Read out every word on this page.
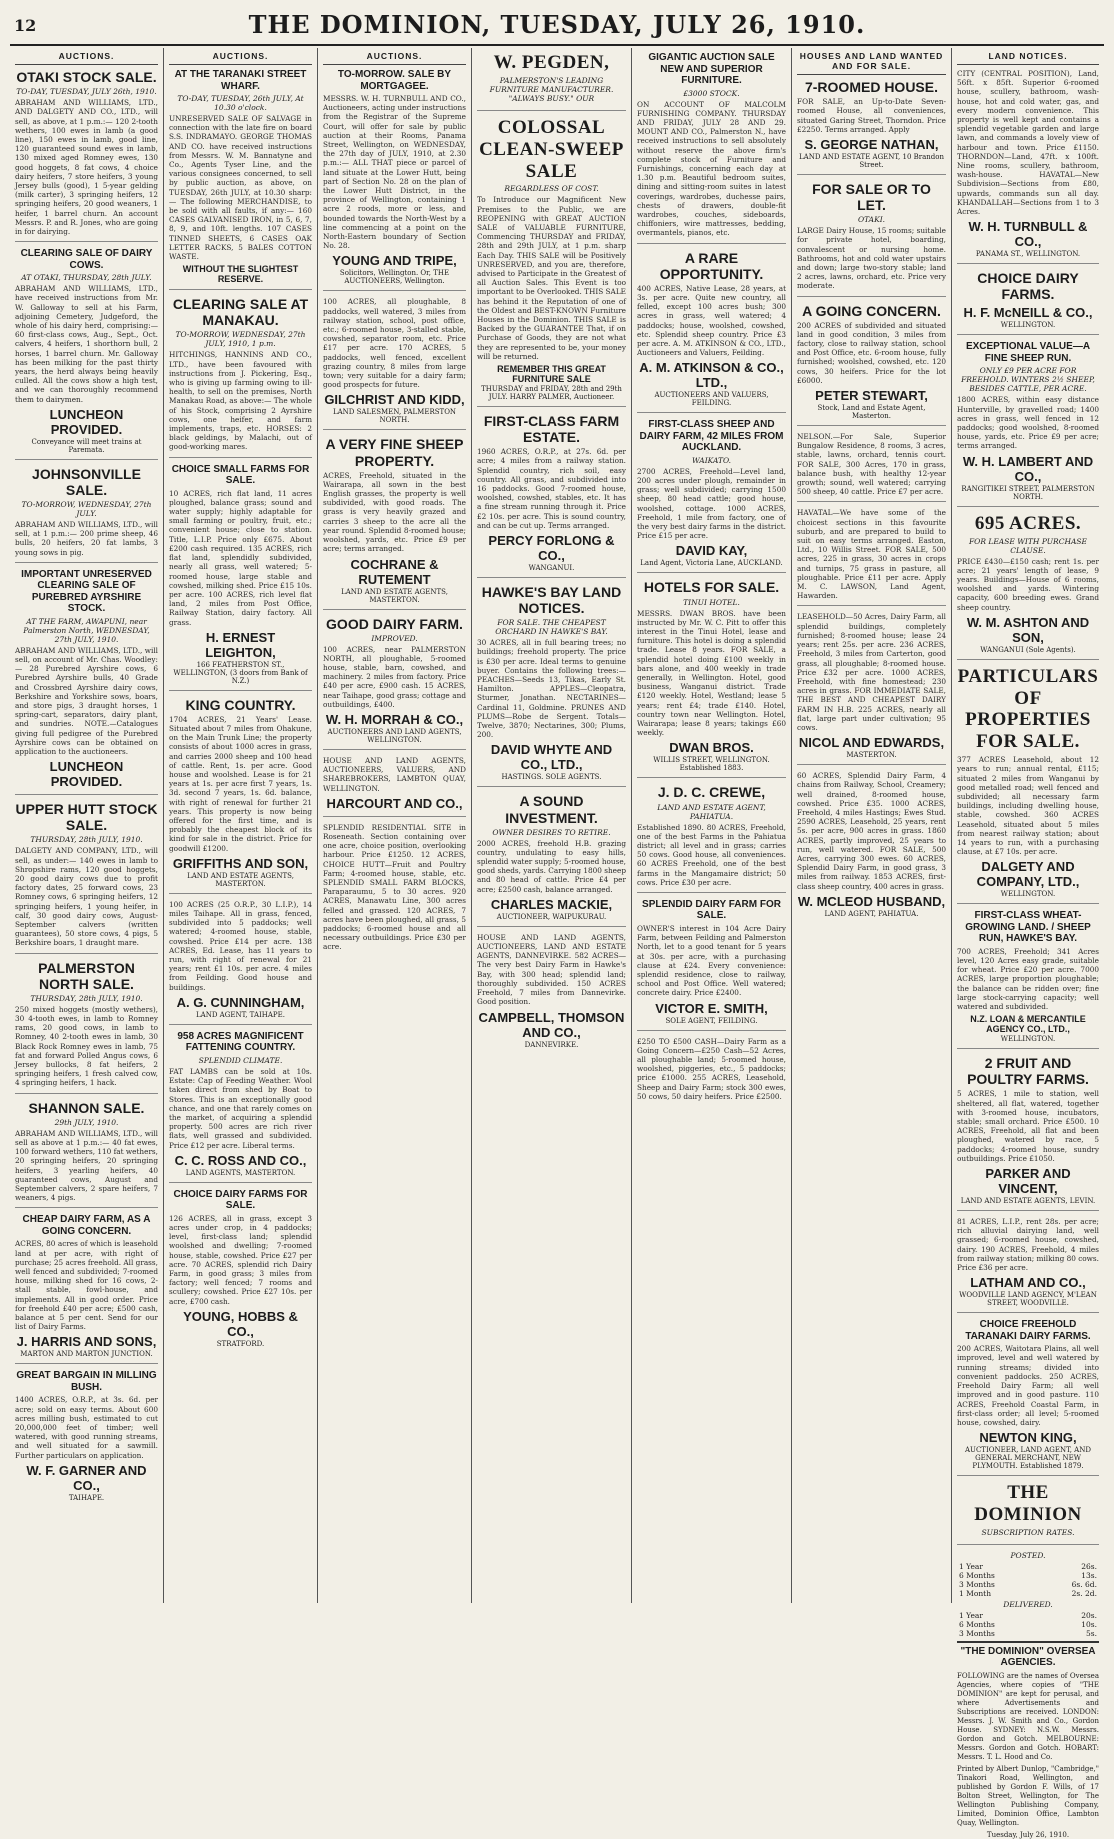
12	THE DOMINION, TUESDAY, JULY 26, 1910.
AUCTIONS.
OTAKI STOCK SALE.
TO-DAY, TUESDAY, JULY 26th, 1910.

ABRAHAM AND WILLIAMS, LTD., AND DALGETY AND CO., LTD., will sell, as above, at 1 p.m.:— 120 2-tooth wethers, 100 ewes in lamb (a good line), 150 ewes in lamb, good line, 120 guaranteed sound ewes in lamb, 130 mixed aged Romney ewes, 130 good hoggets, 8 fat cows, 4 choice dairy heifers, 7 store heifers, 3 young Jersey bulls (good), 1 5-year gelding (milk carter), 3 springing heifers, 12 springing heifers, 20 good weaners, 1 heifer, 1 barrel churn. An account Messrs. P. and R. Jones, who are going in for dairying.

CLEARING SALE OF DAIRY COWS.
AT OTAKI, THURSDAY, 28th JULY.

ABRAHAM AND WILLIAMS, LTD., have received instructions from Mr. W. Galloway to sell at his Farm, adjoining Cemetery, Judgeford, the whole of his dairy herd, comprising:— 60 first-class cows, Aug., Sept., Oct. calvers, 4 heifers, 1 shorthorn bull, 2 horses, 1 barrel churn. Mr. Galloway has been milking for the past thirty years, the herd always being heavily culled. All the cows show a high test, and we can thoroughly recommend them to dairymen.

LUNCHEON PROVIDED.
Conveyance will meet trains at Paremata.
JOHNSONVILLE SALE.
TO-MORROW, WEDNESDAY, 27th JULY.

ABRAHAM AND WILLIAMS, LTD., will sell, at 1 p.m.:— 200 prime sheep, 46 bulls, 20 heifers, 20 fat lambs, 3 young sows in pig.

IMPORTANT UNRESERVED CLEARING SALE OF PUREBRED AYRSHIRE STOCK.
AT THE FARM, AWAPUNI, near Palmerston North, WEDNESDAY, 27th JULY, 1910.

ABRAHAM AND WILLIAMS, LTD., will sell, on account of Mr. Chas. Woodley:— 28 Purebred Ayrshire cows, 6 Purebred Ayrshire bulls, 40 Grade and Crossbred Ayrshire dairy cows, Berkshire and Yorkshire sows, boars, and store pigs, 3 draught horses, 1 spring-cart, separators, dairy plant, and sundries. NOTE.—Catalogues giving full pedigree of the Purebred Ayrshire cows can be obtained on application to the auctioneers.

LUNCHEON PROVIDED.
UPPER HUTT STOCK SALE.
THURSDAY, 28th JULY, 1910.

DALGETY AND COMPANY, LTD., will sell, as under:— 140 ewes in lamb to Shropshire rams, 120 good hoggets, 20 good dairy cows due to profit factory dates, 25 forward cows, 23 Romney cows, 6 springing heifers, 12 springing heifers, 1 young heifer, in calf, 30 good dairy cows, August-September calvers (written guarantees), 50 store cows, 4 pigs, 5 Berkshire boars, 1 draught mare.

PALMERSTON NORTH SALE.
THURSDAY, 28th JULY, 1910.

250 mixed hoggets (mostly wethers), 30 4-tooth ewes, in lamb to Romney rams, 20 good cows, in lamb to Romney, 40 2-tooth ewes in lamb, 30 Black Rock Romney ewes in lamb, 75 fat and forward Polled Angus cows, 6 Jersey bullocks, 8 fat heifers, 2 springing heifers, 1 fresh calved cow, 4 springing heifers, 1 hack.

SHANNON SALE.
29th JULY, 1910.

ABRAHAM AND WILLIAMS, LTD., will sell as above at 1 p.m.:— 40 fat ewes, 100 forward wethers, 110 fat wethers, 20 springing heifers, 20 springing heifers, 3 yearling heifers, 40 guaranteed cows, August and September calvers, 2 spare heifers, 7 weaners, 4 pigs.

CHEAP DAIRY FARM, AS A GOING CONCERN.

ACRES, 80 acres of which is leasehold land at per acre, with right of purchase; 25 acres freehold. All grass, well fenced and subdivided; 7-roomed house, milking shed for 16 cows, 2-stall stable, fowl-house, and implements. All in good order. Price for freehold £40 per acre; £500 cash, balance at 5 per cent. Send for our list of Dairy Farms.

J. HARRIS AND SONS,
MARTON AND MARTON JUNCTION.
GREAT BARGAIN IN MILLING BUSH.

1400 ACRES, O.R.P., at 3s. 6d. per acre; sold on easy terms. About 600 acres milling bush, estimated to cut 20,000,000 feet of timber; well watered, with good running streams, and well situated for a sawmill. Further particulars on application.

W. F. GARNER AND CO.,
TAIHAPE.
AUCTIONS.
AT THE TARANAKI STREET WHARF.
TO-DAY, TUESDAY, 26th JULY, At 10.30 o'clock.

UNRESERVED SALE OF SALVAGE in connection with the late fire on board S.S. INDRAMAYO. GEORGE THOMAS AND CO. have received instructions from Messrs. W. M. Bannatyne and Co., Agents Tyser Line, and the various consignees concerned, to sell by public auction, as above, on TUESDAY, 26th JULY, at 10.30 sharp:— The following MERCHANDISE, to be sold with all faults, if any:— 160 CASES GALVANISED IRON, in 5, 6, 7, 8, 9, and 10ft. lengths. 107 CASES TINNED SHEETS, 6 CASES OAK LETTER RACKS, 5 BALES COTTON WASTE.

WITHOUT THE SLIGHTEST RESERVE.
CLEARING SALE AT MANAKAU.
TO-MORROW, WEDNESDAY, 27th JULY, 1910, 1 p.m.

HITCHINGS, HANNINS AND CO., LTD., have been favoured with instructions from J. Pickering, Esq., who is giving up farming owing to ill-health, to sell on the premises, North Manakau Road, as above:— The whole of his Stock, comprising 2 Ayrshire cows, one heifer, and farm implements, traps, etc. HORSES: 2 black geldings, by Malachi, out of good-working mares.

CHOICE SMALL FARMS FOR SALE.

10 ACRES, rich flat land, 11 acres ploughed, balance grass; sound and water supply; highly adaptable for small farming or poultry, fruit, etc.; convenient house; close to station. Title, L.I.P. Price only £675. About £200 cash required. 135 ACRES, rich flat land, splendidly subdivided, nearly all grass, well watered; 5-roomed house, large stable and cowshed, milking shed. Price £15 10s. per acre. 100 ACRES, rich level flat land, 2 miles from Post Office, Railway Station, dairy factory. All grass.

H. ERNEST LEIGHTON,
166 FEATHERSTON ST., WELLINGTON, (3 doors from Bank of N.Z.)
KING COUNTRY.

1704 ACRES, 21 Years' Lease. Situated about 7 miles from Ohakune, on the Main Trunk Line; the property consists of about 1000 acres in grass, and carries 2000 sheep and 100 head of cattle. Rent, 1s. per acre. Good house and woolshed. Lease is for 21 years at 1s. per acre first 7 years, 1s. 3d. second 7 years, 1s. 6d. balance, with right of renewal for further 21 years. This property is now being offered for the first time, and is probably the cheapest block of its kind for sale in the district. Price for goodwill £1200.

GRIFFITHS AND SON,
LAND AND ESTATE AGENTS, MASTERTON.

100 ACRES (25 O.R.P., 30 L.I.P.), 14 miles Taihape. All in grass, fenced, subdivided into 5 paddocks; well watered; 4-roomed house, stable, cowshed. Price £14 per acre. 138 ACRES, Ed. Lease, has 11 years to run, with right of renewal for 21 years; rent £1 10s. per acre. 4 miles from Feilding. Good house and buildings.

A. G. CUNNINGHAM,
LAND AGENT, TAIHAPE.
958 ACRES MAGNIFICENT FATTENING COUNTRY.
SPLENDID CLIMATE.

FAT LAMBS can be sold at 10s. Estate: Cap of Feeding Weather. Wool taken direct from shed by Boat to Stores. This is an exceptionally good chance, and one that rarely comes on the market, of acquiring a splendid property. 500 acres are rich river flats, well grassed and subdivided. Price £12 per acre. Liberal terms.

C. C. ROSS AND CO.,
LAND AGENTS, MASTERTON.
CHOICE DAIRY FARMS FOR SALE.

126 ACRES, all in grass, except 3 acres under crop, in 4 paddocks; level, first-class land; splendid woolshed and dwelling; 7-roomed house, stable, cowshed. Price £27 per acre. 70 ACRES, splendid rich Dairy Farm, in good grass; 3 miles from factory; well fenced; 7 rooms and scullery; cowshed. Price £27 10s. per acre, £700 cash.

YOUNG, HOBBS & CO.,
STRATFORD.
AUCTIONS.
TO-MORROW. SALE BY MORTGAGEE.

MESSRS. W. H. TURNBULL AND CO., Auctioneers, acting under instructions from the Registrar of the Supreme Court, will offer for sale by public auction at their Rooms, Panama Street, Wellington, on WEDNESDAY, the 27th day of JULY, 1910, at 2.30 p.m.:— ALL THAT piece or parcel of land situate at the Lower Hutt, being part of Section No. 28 on the plan of the Lower Hutt District, in the province of Wellington, containing 1 acre 2 roods, more or less, and bounded towards the North-West by a line commencing at a point on the North-Eastern boundary of Section No. 28.

YOUNG AND TRIPE,
Solicitors, Wellington. Or, THE AUCTIONEERS, Wellington.

100 ACRES, all ploughable, 8 paddocks, well watered, 3 miles from railway station, school, post office, etc.; 6-roomed house, 3-stalled stable, cowshed, separator room, etc. Price £17 per acre. 170 ACRES, 5 paddocks, well fenced, excellent grazing country, 8 miles from large town; very suitable for a dairy farm; good prospects for future.

GILCHRIST AND KIDD,
LAND SALESMEN, PALMERSTON NORTH.
A VERY FINE SHEEP PROPERTY.

ACRES, Freehold, situated in the Wairarapa, all sown in the best English grasses, the property is well subdivided, with good roads. The grass is very heavily grazed and carries 3 sheep to the acre all the year round. Splendid 8-roomed house; woolshed, yards, etc. Price £9 per acre; terms arranged.

COCHRANE & RUTEMENT
LAND AND ESTATE AGENTS, MASTERTON.
GOOD DAIRY FARM.
IMPROVED.

100 ACRES, near PALMERSTON NORTH, all ploughable, 5-roomed house, stable, barn, cowshed, and machinery. 2 miles from factory. Price £40 per acre, £900 cash. 15 ACRES, near Taihape, good grass; cottage and outbuildings, £400.

W. H. MORRAH & CO.,
AUCTIONEERS AND LAND AGENTS, WELLINGTON.

HOUSE AND LAND AGENTS, AUCTIONEERS, VALUERS, AND SHAREBROKERS, LAMBTON QUAY, WELLINGTON.

HARCOURT AND CO.,

SPLENDID RESIDENTIAL SITE in Roseneath. Section containing over one acre, choice position, overlooking harbour. Price £1250. 12 ACRES, CHOICE HUTT—Fruit and Poultry Farm; 4-roomed house, stable, etc. SPLENDID SMALL FARM BLOCKS, Paraparaumu, 5 to 30 acres. 920 ACRES, Manawatu Line, 300 acres felled and grassed. 120 ACRES, 7 acres have been ploughed, all grass, 5 paddocks; 6-roomed house and all necessary outbuildings. Price £30 per acre.

W. PEGDEN,
PALMERSTON'S LEADING FURNITURE MANUFACTURER. "ALWAYS BUSY." OUR
COLOSSAL CLEAN-SWEEP SALE
REGARDLESS OF COST.

To Introduce our Magnificent New Premises to the Public, we are REOPENING with GREAT AUCTION SALE of VALUABLE FURNITURE, Commencing THURSDAY and FRIDAY, 28th and 29th JULY, at 1 p.m. sharp Each Day. THIS SALE will be Positively UNRESERVED, and you are, therefore, advised to Participate in the Greatest of all Auction Sales. This Event is too important to be Overlooked. THIS SALE has behind it the Reputation of one of the Oldest and BEST-KNOWN Furniture Houses in the Dominion. THIS SALE is Backed by the GUARANTEE That, if on Purchase of Goods, they are not what they are represented to be, your money will be returned.

REMEMBER THIS GREAT FURNITURE SALE
THURSDAY and FRIDAY, 28th and 29th JULY. HARRY PALMER, Auctioneer.
FIRST-CLASS FARM ESTATE.

1960 ACRES, O.R.P., at 27s. 6d. per acre; 4 miles from a railway station. Splendid country, rich soil, easy country. All grass, and subdivided into 16 paddocks. Good 7-roomed house, woolshed, cowshed, stables, etc. It has a fine stream running through it. Price £2 10s. per acre. This is sound country, and can be cut up. Terms arranged.

PERCY FORLONG & CO.,
WANGANUI.
HAWKE'S BAY LAND NOTICES.
FOR SALE. THE CHEAPEST ORCHARD IN HAWKE'S BAY.

30 ACRES, all in full bearing trees; no buildings; freehold property. The price is £30 per acre. Ideal terms to genuine buyer. Contains the following trees:— PEACHES—Seeds 13, Tikas, Early St. Hamilton. APPLES—Cleopatra, Sturmer, Jonathan. NECTARINES—Cardinal 11, Goldmine. PRUNES AND PLUMS—Robe de Sergent. Totals—Twelve, 3870; Nectarines, 300; Plums, 200.

DAVID WHYTE AND CO., LTD.,
HASTINGS. SOLE AGENTS.
A SOUND INVESTMENT.
OWNER DESIRES TO RETIRE.

2000 ACRES, freehold H.B. grazing country, undulating to easy hills, splendid water supply; 5-roomed house, good sheds, yards. Carrying 1800 sheep and 80 head of cattle. Price £4 per acre; £2500 cash, balance arranged.

CHARLES MACKIE,
AUCTIONEER, WAIPUKURAU.

HOUSE AND LAND AGENTS, AUCTIONEERS, LAND AND ESTATE AGENTS, DANNEVIRKE. 582 ACRES—The very best Dairy Farm in Hawke's Bay, with 300 head; splendid land; thoroughly subdivided. 150 ACRES Freehold, 7 miles from Dannevirke. Good position.

CAMPBELL, THOMSON AND CO.,
DANNEVIRKE.
GIGANTIC AUCTION SALE NEW AND SUPERIOR FURNITURE.
£3000 STOCK.

ON ACCOUNT OF MALCOLM FURNISHING COMPANY. THURSDAY AND FRIDAY, JULY 28 AND 29. MOUNT AND CO., Palmerston N., have received instructions to sell absolutely without reserve the above firm's complete stock of Furniture and Furnishings, concerning each day at 1.30 p.m. Beautiful bedroom suites, dining and sitting-room suites in latest coverings, wardrobes, duchesse pairs, chests of drawers, double-fit wardrobes, couches, sideboards, chiffoniers, wire mattresses, bedding, overmantels, pianos, etc.

A RARE OPPORTUNITY.

400 ACRES, Native Lease, 28 years, at 3s. per acre. Quite new country, all felled, except 100 acres bush; 300 acres in grass, well watered; 4 paddocks; house, woolshed, cowshed, etc. Splendid sheep country. Price £3 per acre. A. M. ATKINSON & CO., LTD., Auctioneers and Valuers, Feilding.

A. M. ATKINSON & CO., LTD.,
AUCTIONEERS AND VALUERS, FEILDING.
FIRST-CLASS SHEEP AND DAIRY FARM, 42 MILES FROM AUCKLAND.
WAIKATO.

2700 ACRES, Freehold—Level land, 200 acres under plough, remainder in grass; well subdivided; carrying 1500 sheep, 80 head cattle; good house, woolshed, cottage. 1000 ACRES, Freehold, 1 mile from factory, one of the very best dairy farms in the district. Price £15 per acre.

DAVID KAY,
Land Agent, Victoria Lane, AUCKLAND.
HOTELS FOR SALE.
TINUI HOTEL.

MESSRS. DWAN BROS. have been instructed by Mr. W. C. Pitt to offer this interest in the Tinui Hotel, lease and furniture. This hotel is doing a splendid trade. Lease 8 years. FOR SALE, a splendid hotel doing £100 weekly in bars alone, and 400 weekly in trade generally, in Wellington. Hotel, good business, Wanganui district. Trade £120 weekly. Hotel, Westland; lease 5 years; rent £4; trade £140. Hotel, country town near Wellington. Hotel, Wairarapa; lease 8 years; takings £60 weekly.

DWAN BROS.
WILLIS STREET, WELLINGTON. Established 1883.
J. D. C. CREWE,
LAND AND ESTATE AGENT, PAHIATUA.

Established 1890. 80 ACRES, Freehold, one of the best Farms in the Pahiatua district; all level and in grass; carries 50 cows. Good house, all conveniences. 60 ACRES Freehold, one of the best farms in the Mangamaire district; 50 cows. Price £30 per acre.

SPLENDID DAIRY FARM FOR SALE.

OWNER'S interest in 104 Acre Dairy Farm, between Feilding and Palmerston North, let to a good tenant for 5 years at 30s. per acre, with a purchasing clause at £24. Every convenience: splendid residence, close to railway, school and Post Office. Well watered; concrete dairy. Price £2400.

VICTOR E. SMITH,
SOLE AGENT, FEILDING.

£250 TO £500 CASH—Dairy Farm as a Going Concern—£250 Cash—52 Acres, all ploughable land; 5-roomed house, woolshed, piggeries, etc., 5 paddocks; price £1000. 255 ACRES, Leasehold, Sheep and Dairy Farm; stock 300 ewes, 50 cows, 50 dairy heifers. Price £2500.

HOUSES AND LAND WANTED AND FOR SALE.
7-ROOMED HOUSE.

FOR SALE, an Up-to-Date Seven-roomed House, all conveniences, situated Garing Street, Thorndon. Price £2250. Terms arranged. Apply

S. GEORGE NATHAN,
LAND AND ESTATE AGENT, 10 Brandon Street.
FOR SALE OR TO LET.
OTAKI.

LARGE Dairy House, 15 rooms; suitable for private hotel, boarding, convalescent or nursing home. Bathrooms, hot and cold water upstairs and down; large two-story stable; land 2 acres, lawns, orchard, etc. Price very moderate.

A GOING CONCERN.

200 ACRES of subdivided and situated land in good condition, 3 miles from factory, close to railway station, school and Post Office, etc. 6-room house, fully furnished; woolshed, cowshed, etc. 120 cows, 30 heifers. Price for the lot £6000.

PETER STEWART,
Stock, Land and Estate Agent, Masterton.

NELSON.—For Sale, Superior Bungalow Residence, 8 rooms, 3 acres, stable, lawns, orchard, tennis court. FOR SALE, 300 Acres, 170 in grass, balance bush, with healthy 12-year growth; sound, well watered; carrying 500 sheep, 40 cattle. Price £7 per acre.

HAVATAL—We have some of the choicest sections in this favourite suburb, and are prepared to build to suit on easy terms arranged. Easton, Ltd., 10 Willis Street. FOR SALE, 500 acres, 225 in grass, 30 acres in crops and turnips, 75 grass in pasture, all ploughable. Price £11 per acre. Apply M. C. LAWSON, Land Agent, Hawarden.

LEASEHOLD—50 Acres, Dairy Farm, all splendid buildings, completely furnished; 8-roomed house; lease 24 years; rent 25s. per acre. 236 ACRES, Freehold, 3 miles from Carterton, good grass, all ploughable; 8-roomed house. Price £32 per acre. 1000 ACRES, Freehold, with fine homestead; 230 acres in grass. FOR IMMEDIATE SALE, THE BEST AND CHEAPEST DAIRY FARM IN H.B. 225 ACRES, nearly all flat, large part under cultivation; 95 cows.

NICOL AND EDWARDS,
MASTERTON.

60 ACRES, Splendid Dairy Farm, 4 chains from Railway, School, Creamery; well drained, 8-roomed house, cowshed. Price £35. 1000 ACRES, Freehold, 4 miles Hastings; Ewes Stud. 2590 ACRES, Leasehold, 25 years, rent 5s. per acre, 900 acres in grass. 1860 ACRES, partly improved, 25 years to run, well watered. FOR SALE, 500 Acres, carrying 300 ewes. 60 ACRES, Splendid Dairy Farm, in good grass, 3 miles from railway. 1853 ACRES, first-class sheep country, 400 acres in grass.

W. MCLEOD HUSBAND,
LAND AGENT, PAHIATUA.
LAND NOTICES.

CITY (CENTRAL POSITION), Land, 56ft. x 85ft. Superior 6-roomed house, scullery, bathroom, wash-house, hot and cold water, gas, and every modern convenience. This property is well kept and contains a splendid vegetable garden and large lawn, and commands a lovely view of harbour and town. Price £1150. THORNDON—Land, 47ft. x 100ft. Nine rooms, scullery, bathroom, wash-house. HAVATAL—New Subdivision—Sections from £80, upwards, commands sun all day. KHANDALLAH—Sections from 1 to 3 Acres.

W. H. TURNBULL & CO.,
PANAMA ST., WELLINGTON.
CHOICE DAIRY FARMS.
H. F. McNEILL & CO.,
WELLINGTON.
EXCEPTIONAL VALUE—A FINE SHEEP RUN.
ONLY £9 PER ACRE FOR FREEHOLD. WINTERS 2½ SHEEP, BESIDES CATTLE, PER ACRE.

1800 ACRES, within easy distance Hunterville, by gravelled road; 1400 acres in grass, well fenced in 12 paddocks; good woolshed, 8-roomed house, yards, etc. Price £9 per acre; terms arranged.

W. H. LAMBERT AND CO.,
RANGITIKEI STREET, PALMERSTON NORTH.
695 ACRES.
FOR LEASE WITH PURCHASE CLAUSE.

PRICE £430—£150 cash; rent 1s. per acre; 21 years' length of lease, 9 years. Buildings—House of 6 rooms, woolshed and yards. Wintering capacity, 600 breeding ewes. Grand sheep country.

W. M. ASHTON AND SON,
WANGANUI (Sole Agents).
PARTICULARS OF PROPERTIES FOR SALE.

377 ACRES Leasehold, about 12 years to run; annual rental, £115; situated 2 miles from Wanganui by good metalled road; well fenced and subdivided; all necessary farm buildings, including dwelling house, stable, cowshed. 360 ACRES Leasehold, situated about 5 miles from nearest railway station; about 14 years to run, with a purchasing clause, at £7 10s. per acre.

DALGETY AND COMPANY, LTD.,
WELLINGTON.
FIRST-CLASS WHEAT-GROWING LAND. / SHEEP RUN, HAWKE'S BAY.

700 ACRES, Freehold; 341 Acres level, 120 Acres easy grade, suitable for wheat. Price £20 per acre. 7000 ACRES, large proportion ploughable; the balance can be ridden over; fine large stock-carrying capacity; well watered and subdivided.

N.Z. LOAN & MERCANTILE AGENCY CO., LTD.,
WELLINGTON.
2 FRUIT AND POULTRY FARMS.

5 ACRES, 1 mile to station, well sheltered, all flat, watered, together with 3-roomed house, incubators, stable; small orchard. Price £500. 10 ACRES, Freehold, all flat and been ploughed, watered by race, 5 paddocks; 4-roomed house, sundry outbuildings. Price £1050.

PARKER AND VINCENT,
LAND AND ESTATE AGENTS, LEVIN.

81 ACRES, L.I.P., rent 28s. per acre; rich alluvial dairying land, well grassed; 6-roomed house, cowshed, dairy. 190 ACRES, Freehold, 4 miles from railway station; milking 80 cows. Price £36 per acre.

LATHAM AND CO.,
WOODVILLE LAND AGENCY, M'LEAN STREET, WOODVILLE.
CHOICE FREEHOLD TARANAKI DAIRY FARMS.

200 ACRES, Waitotara Plains, all well improved, level and well watered by running streams; divided into convenient paddocks. 250 ACRES, Freehold Dairy Farm; all well improved and in good pasture. 110 ACRES, Freehold Coastal Farm, in first-class order; all level; 5-roomed house, cowshed, dairy.

NEWTON KING,
AUCTIONEER, LAND AGENT, AND GENERAL MERCHANT, NEW PLYMOUTH. Established 1879.
THE DOMINION
SUBSCRIPTION RATES.
POSTED.
1 Year	26s.
6 Months	13s.
3 Months	6s. 6d.
1 Month	2s. 2d.
DELIVERED.
1 Year	20s.
6 Months	10s.
3 Months	5s.
"THE DOMINION" OVERSEA AGENCIES.
FOLLOWING are the names of Oversea Agencies, where copies of "THE DOMINION" are kept for perusal, and where Advertisements and Subscriptions are received. LONDON: Messrs. J. W. Smith and Co., Gordon House. SYDNEY: N.S.W. Messrs. Gordon and Gotch. MELBOURNE: Messrs. Gordon and Gotch. HOBART: Messrs. T. L. Hood and Co.
Printed by Albert Dunlop, "Cambridge," Tinakori Road, Wellington, and published by Gordon F. Wills, of 17 Bolton Street, Wellington, for The Wellington Publishing Company, Limited, Dominion Office, Lambton Quay, Wellington.
Tuesday, July 26, 1910.
